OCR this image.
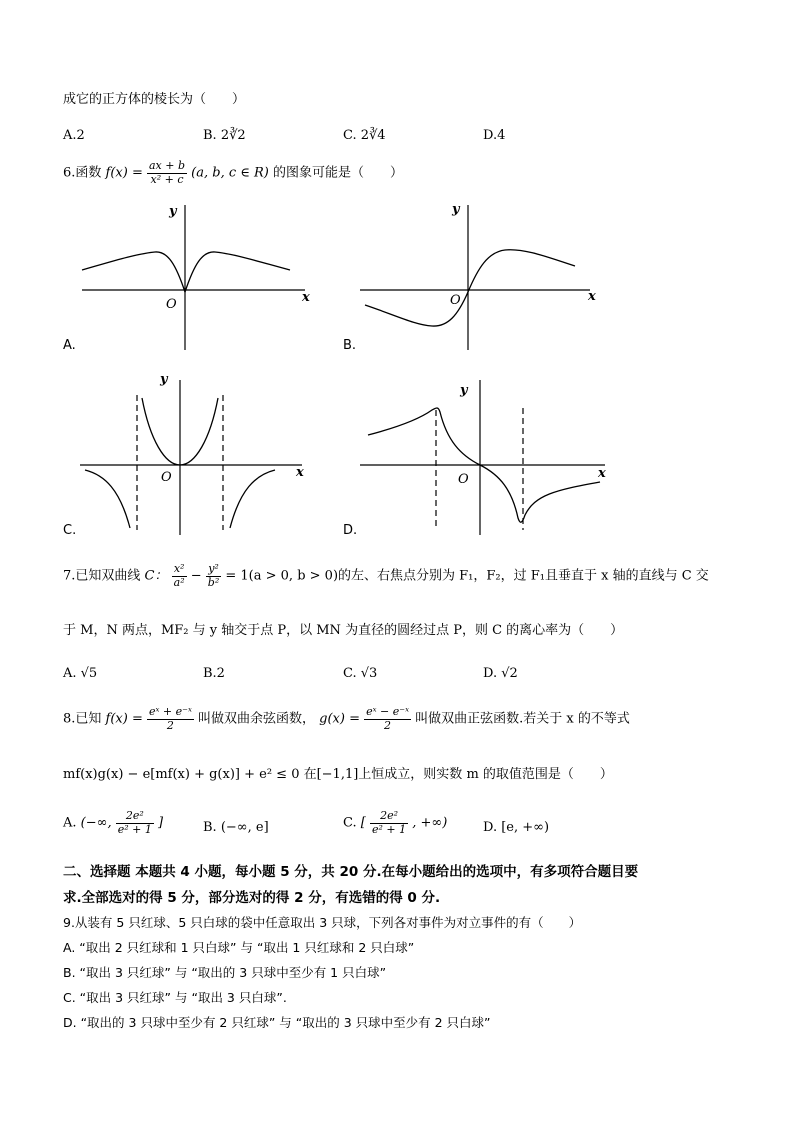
成它的正方体的棱长为（　　）
A.2	B. 2∛2	C. 2∛4	D.4
6.函数 $f(x) = \frac{ax + b}{\text{x² + c}} (a$, b, c ∈ R) 的图象可能是（　　）
y
x
O
A.
y
x
O
B.
y
x
O
C.
y
x
O
D.
7.已知双曲线 C： $\frac{\text{x²}}{\text{a²}} - \frac{\text{y²}}{\text{b²}} = 1(a > 0$, b > 0)的左、右焦点分别为 F₁，F₂，过 F₁且垂直于 x 轴的直线与 C 交
于 M，N 两点，MF₂ 与 y 轴交于点 P，以 MN 为直径的圆经过点 P，则 C 的离心率为（　　）
A. √5	B.2	C. √3	D. √2
8.已知 $f(x) = \frac{\text{eˣ + e⁻ˣ}}{2}$ 叫做双曲余弦函数， $g(x) = \frac{\text{eˣ − e⁻ˣ}}{2}$ 叫做双曲正弦函数.若关于 x 的不等式
mf(x)g(x) − e[mf(x) + g(x)] + e² ≤ 0 在[−1,1]上恒成立，则实数 m 的取值范围是（　　）
A. (−∞, $\frac{\text{2e²}}{\text{e² + 1}}$ ]	B. (−∞, e]	C. [ $\frac{\text{2e²}}{\text{e² + 1}}$ , +∞)	D. [e, +∞)
二、选择题 本题共 4 小题，每小题 5 分，共 20 分.在每小题给出的选项中，有多项符合题目要
求.全部选对的得 5 分，部分选对的得 2 分，有选错的得 0 分.
9.从装有 5 只红球、5 只白球的袋中任意取出 3 只球，下列各对事件为对立事件的有（　　）
A. “取出 2 只红球和 1 只白球” 与 “取出 1 只红球和 2 只白球”
B. “取出 3 只红球” 与 “取出的 3 只球中至少有 1 只白球”
C. “取出 3 只红球” 与 “取出 3 只白球”.
D. “取出的 3 只球中至少有 2 只红球” 与 “取出的 3 只球中至少有 2 只白球”
